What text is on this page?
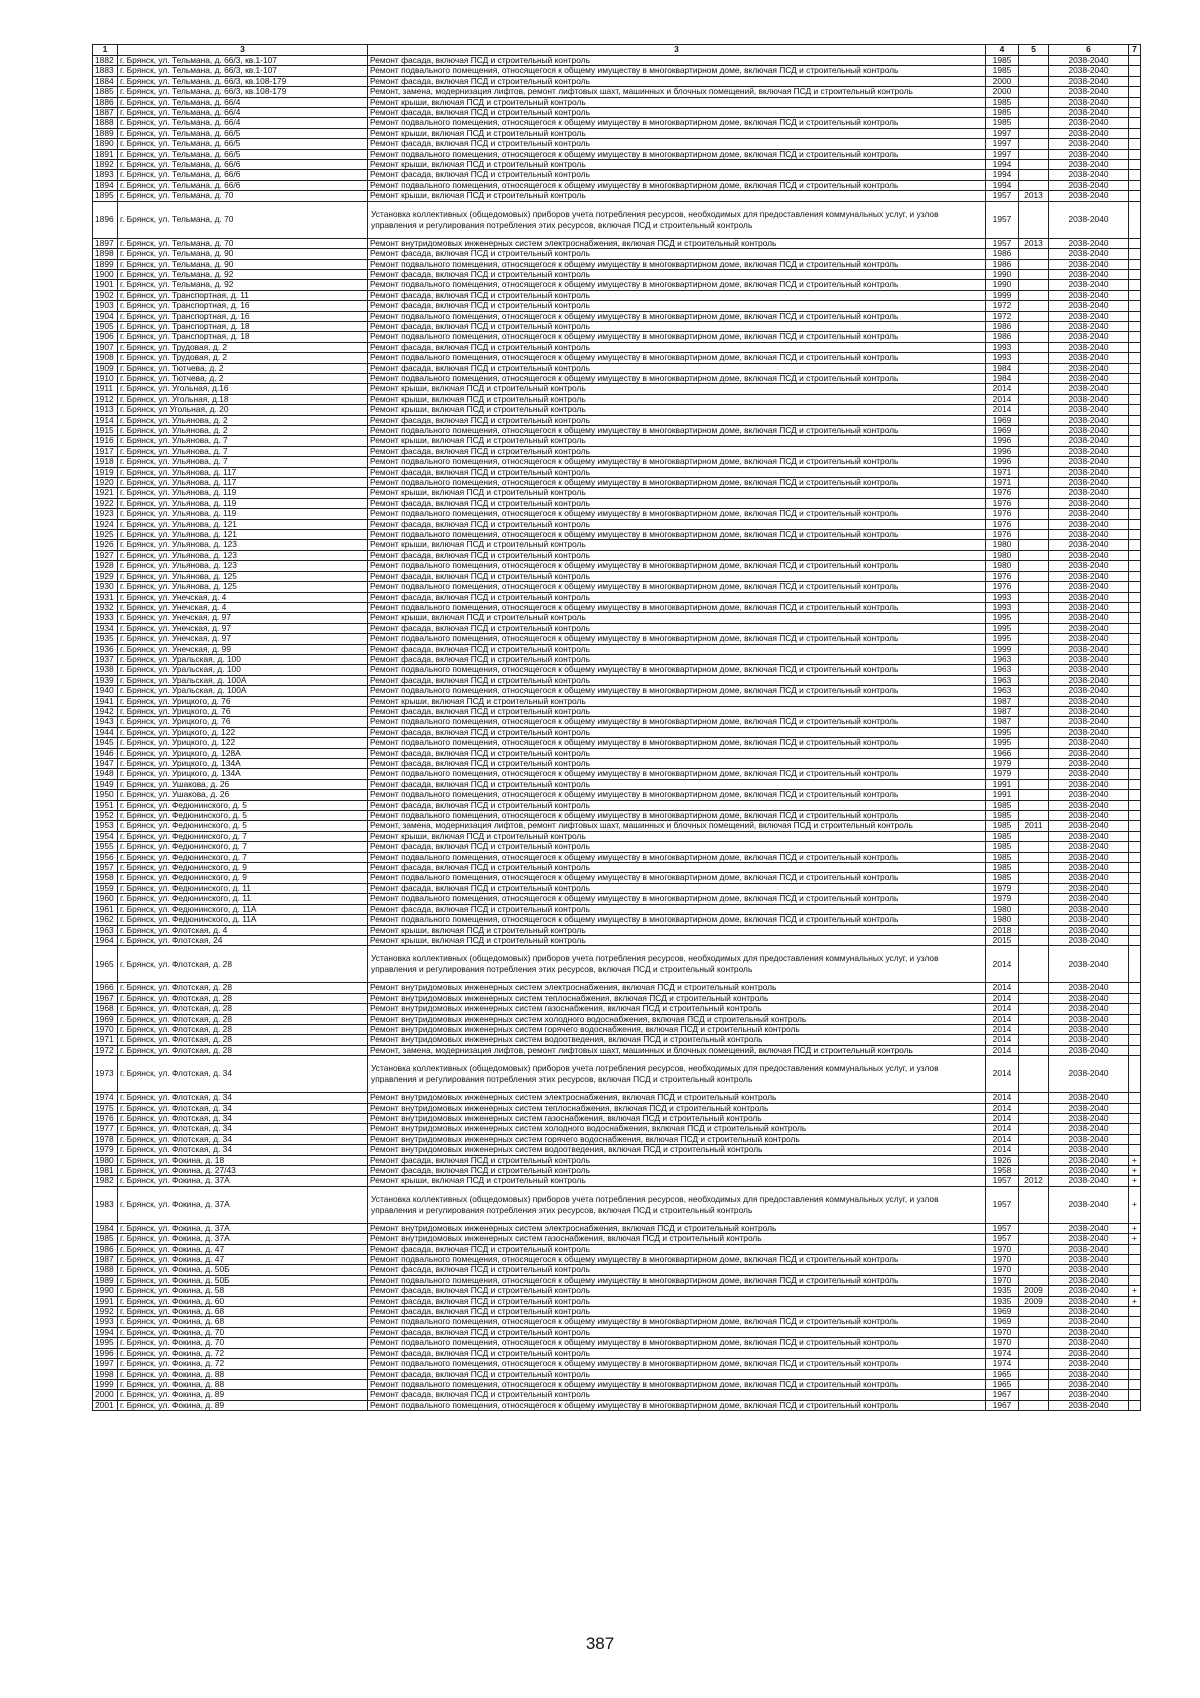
1	3	3	4	5	6	7
1882	г. Брянск, ул. Тельмана, д. 66/3, кв.1-107	Ремонт фасада, включая ПСД и строительный контроль	1985		2038-2040	
1883	г. Брянск, ул. Тельмана, д. 66/3, кв.1-107	Ремонт подвального помещения, относящегося к общему имуществу в многоквартирном доме, включая ПСД и строительный контроль	1985		2038-2040	
1884	г. Брянск, ул. Тельмана, д. 66/3, кв.108-179	Ремонт фасада, включая ПСД и строительный контроль	2000		2038-2040	
1885	г. Брянск, ул. Тельмана, д. 66/3, кв.108-179	Ремонт, замена, модернизация лифтов, ремонт лифтовых шахт, машинных и блочных помещений, включая ПСД и строительный контроль	2000		2038-2040	
1886	г. Брянск, ул. Тельмана, д. 66/4	Ремонт крыши, включая ПСД и строительный контроль	1985		2038-2040	
1887	г. Брянск, ул. Тельмана, д. 66/4	Ремонт фасада, включая ПСД и строительный контроль	1985		2038-2040	
1888	г. Брянск, ул. Тельмана, д. 66/4	Ремонт подвального помещения, относящегося к общему имуществу в многоквартирном доме, включая ПСД и строительный контроль	1985		2038-2040	
1889	г. Брянск, ул. Тельмана, д. 66/5	Ремонт крыши, включая ПСД и строительный контроль	1997		2038-2040	
1890	г. Брянск, ул. Тельмана, д. 66/5	Ремонт фасада, включая ПСД и строительный контроль	1997		2038-2040	
1891	г. Брянск, ул. Тельмана, д. 66/5	Ремонт подвального помещения, относящегося к общему имуществу в многоквартирном доме, включая ПСД и строительный контроль	1997		2038-2040	
1892	г. Брянск, ул. Тельмана, д. 66/6	Ремонт крыши, включая ПСД и строительный контроль	1994		2038-2040	
1893	г. Брянск, ул. Тельмана, д. 66/6	Ремонт фасада, включая ПСД и строительный контроль	1994		2038-2040	
1894	г. Брянск, ул. Тельмана, д. 66/6	Ремонт подвального помещения, относящегося к общему имуществу в многоквартирном доме, включая ПСД и строительный контроль	1994		2038-2040	
1895	г. Брянск, ул. Тельмана, д. 70	Ремонт крыши, включая ПСД и строительный контроль	1957	2013	2038-2040	
1896	г. Брянск, ул. Тельмана, д. 70	Установка коллективных (общедомовых) приборов учета потребления ресурсов, необходимых для предоставления коммунальных услуг, и узлов управления и регулирования потребления этих ресурсов, включая ПСД и строительный контроль	1957		2038-2040	
1897	г. Брянск, ул. Тельмана, д. 70	Ремонт внутридомовых инженерных систем электроснабжения, включая ПСД и строительный контроль	1957	2013	2038-2040	
1898	г. Брянск, ул. Тельмана, д. 90	Ремонт фасада, включая ПСД и строительный контроль	1986		2038-2040	
1899	г. Брянск, ул. Тельмана, д. 90	Ремонт подвального помещения, относящегося к общему имуществу в многоквартирном доме, включая ПСД и строительный контроль	1986		2038-2040	
1900	г. Брянск, ул. Тельмана, д. 92	Ремонт фасада, включая ПСД и строительный контроль	1990		2038-2040	
1901	г. Брянск, ул. Тельмана, д. 92	Ремонт подвального помещения, относящегося к общему имуществу в многоквартирном доме, включая ПСД и строительный контроль	1990		2038-2040	
1902	г. Брянск, ул. Транспортная, д. 11	Ремонт фасада, включая ПСД и строительный контроль	1999		2038-2040	
1903	г. Брянск, ул. Транспортная, д. 16	Ремонт фасада, включая ПСД и строительный контроль	1972		2038-2040	
1904	г. Брянск, ул. Транспортная, д. 16	Ремонт подвального помещения, относящегося к общему имуществу в многоквартирном доме, включая ПСД и строительный контроль	1972		2038-2040	
1905	г. Брянск, ул. Транспортная, д. 18	Ремонт фасада, включая ПСД и строительный контроль	1986		2038-2040	
1906	г. Брянск, ул. Транспортная, д. 18	Ремонт подвального помещения, относящегося к общему имуществу в многоквартирном доме, включая ПСД и строительный контроль	1986		2038-2040	
1907	г. Брянск, ул. Трудовая, д. 2	Ремонт фасада, включая ПСД и строительный контроль	1993		2038-2040	
1908	г. Брянск, ул. Трудовая, д. 2	Ремонт подвального помещения, относящегося к общему имуществу в многоквартирном доме, включая ПСД и строительный контроль	1993		2038-2040	
1909	г. Брянск, ул. Тютчева, д. 2	Ремонт фасада, включая ПСД и строительный контроль	1984		2038-2040	
1910	г. Брянск, ул. Тютчева, д. 2	Ремонт подвального помещения, относящегося к общему имуществу в многоквартирном доме, включая ПСД и строительный контроль	1984		2038-2040	
1911	г. Брянск, ул. Угольная, д.16	Ремонт крыши, включая ПСД и строительный контроль	2014		2038-2040	
1912	г. Брянск, ул. Угольная, д.18	Ремонт крыши, включая ПСД и строительный контроль	2014		2038-2040	
1913	г. Брянск, ул Угольная, д. 20	Ремонт крыши, включая ПСД и строительный контроль	2014		2038-2040	
1914	г. Брянск, ул. Ульянова, д. 2	Ремонт фасада, включая ПСД и строительный контроль	1969		2038-2040	
1915	г. Брянск, ул. Ульянова, д. 2	Ремонт подвального помещения, относящегося к общему имуществу в многоквартирном доме, включая ПСД и строительный контроль	1969		2038-2040	
1916	г. Брянск, ул. Ульянова, д. 7	Ремонт крыши, включая ПСД и строительный контроль	1996		2038-2040	
1917	г. Брянск, ул. Ульянова, д. 7	Ремонт фасада, включая ПСД и строительный контроль	1996		2038-2040	
1918	г. Брянск, ул. Ульянова, д. 7	Ремонт подвального помещения, относящегося к общему имуществу в многоквартирном доме, включая ПСД и строительный контроль	1996		2038-2040	
1919	г. Брянск, ул. Ульянова, д. 117	Ремонт фасада, включая ПСД и строительный контроль	1971		2038-2040	
1920	г. Брянск, ул. Ульянова, д. 117	Ремонт подвального помещения, относящегося к общему имуществу в многоквартирном доме, включая ПСД и строительный контроль	1971		2038-2040	
1921	г. Брянск, ул. Ульянова, д. 119	Ремонт крыши, включая ПСД и строительный контроль	1976		2038-2040	
1922	г. Брянск, ул. Ульянова, д. 119	Ремонт фасада, включая ПСД и строительный контроль	1976		2038-2040	
1923	г. Брянск, ул. Ульянова, д. 119	Ремонт подвального помещения, относящегося к общему имуществу в многоквартирном доме, включая ПСД и строительный контроль	1976		2038-2040	
1924	г. Брянск, ул. Ульянова, д. 121	Ремонт фасада, включая ПСД и строительный контроль	1976		2038-2040	
1925	г. Брянск, ул. Ульянова, д. 121	Ремонт подвального помещения, относящегося к общему имуществу в многоквартирном доме, включая ПСД и строительный контроль	1976		2038-2040	
1926	г. Брянск, ул. Ульянова, д. 123	Ремонт крыши, включая ПСД и строительный контроль	1980		2038-2040	
1927	г. Брянск, ул. Ульянова, д. 123	Ремонт фасада, включая ПСД и строительный контроль	1980		2038-2040	
1928	г. Брянск, ул. Ульянова, д. 123	Ремонт подвального помещения, относящегося к общему имуществу в многоквартирном доме, включая ПСД и строительный контроль	1980		2038-2040	
1929	г. Брянск, ул. Ульянова, д. 125	Ремонт фасада, включая ПСД и строительный контроль	1976		2038-2040	
1930	г. Брянск, ул. Ульянова, д. 125	Ремонт подвального помещения, относящегося к общему имуществу в многоквартирном доме, включая ПСД и строительный контроль	1976		2038-2040	
1931	г. Брянск, ул. Унечская, д. 4	Ремонт фасада, включая ПСД и строительный контроль	1993		2038-2040	
1932	г. Брянск, ул. Унечская, д. 4	Ремонт подвального помещения, относящегося к общему имуществу в многоквартирном доме, включая ПСД и строительный контроль	1993		2038-2040	
1933	г. Брянск, ул. Унечская, д. 97	Ремонт крыши, включая ПСД и строительный контроль	1995		2038-2040	
1934	г. Брянск, ул. Унечская, д. 97	Ремонт фасада, включая ПСД и строительный контроль	1995		2038-2040	
1935	г. Брянск, ул. Унечская, д. 97	Ремонт подвального помещения, относящегося к общему имуществу в многоквартирном доме, включая ПСД и строительный контроль	1995		2038-2040	
1936	г. Брянск, ул. Унечская, д. 99	Ремонт фасада, включая ПСД и строительный контроль	1999		2038-2040	
1937	г. Брянск, ул. Уральская, д. 100	Ремонт фасада, включая ПСД и строительный контроль	1963		2038-2040	
1938	г. Брянск, ул. Уральская, д. 100	Ремонт подвального помещения, относящегося к общему имуществу в многоквартирном доме, включая ПСД и строительный контроль	1963		2038-2040	
1939	г. Брянск, ул. Уральская, д. 100А	Ремонт фасада, включая ПСД и строительный контроль	1963		2038-2040	
1940	г. Брянск, ул. Уральская, д. 100А	Ремонт подвального помещения, относящегося к общему имуществу в многоквартирном доме, включая ПСД и строительный контроль	1963		2038-2040	
1941	г. Брянск, ул. Урицкого, д. 76	Ремонт крыши, включая ПСД и строительный контроль	1987		2038-2040	
1942	г. Брянск, ул. Урицкого, д. 76	Ремонт фасада, включая ПСД и строительный контроль	1987		2038-2040	
1943	г. Брянск, ул. Урицкого, д. 76	Ремонт подвального помещения, относящегося к общему имуществу в многоквартирном доме, включая ПСД и строительный контроль	1987		2038-2040	
1944	г. Брянск, ул. Урицкого, д. 122	Ремонт фасада, включая ПСД и строительный контроль	1995		2038-2040	
1945	г. Брянск, ул. Урицкого, д. 122	Ремонт подвального помещения, относящегося к общему имуществу в многоквартирном доме, включая ПСД и строительный контроль	1995		2038-2040	
1946	г. Брянск, ул. Урицкого, д. 128А	Ремонт фасада, включая ПСД и строительный контроль	1966		2038-2040	
1947	г. Брянск, ул. Урицкого, д. 134А	Ремонт фасада, включая ПСД и строительный контроль	1979		2038-2040	
1948	г. Брянск, ул. Урицкого, д. 134А	Ремонт подвального помещения, относящегося к общему имуществу в многоквартирном доме, включая ПСД и строительный контроль	1979		2038-2040	
1949	г. Брянск, ул. Ушакова, д. 26	Ремонт фасада, включая ПСД и строительный контроль	1991		2038-2040	
1950	г. Брянск, ул. Ушакова, д. 26	Ремонт подвального помещения, относящегося к общему имуществу в многоквартирном доме, включая ПСД и строительный контроль	1991		2038-2040	
1951	г. Брянск, ул. Федюнинского, д. 5	Ремонт фасада, включая ПСД и строительный контроль	1985		2038-2040	
1952	г. Брянск, ул. Федюнинского, д. 5	Ремонт подвального помещения, относящегося к общему имуществу в многоквартирном доме, включая ПСД и строительный контроль	1985		2038-2040	
1953	г. Брянск, ул. Федюнинского, д. 5	Ремонт, замена, модернизация лифтов, ремонт лифтовых шахт, машинных и блочных помещений, включая ПСД и строительный контроль	1985	2011	2038-2040	
1954	г. Брянск, ул. Федюнинского, д. 7	Ремонт крыши, включая ПСД и строительный контроль	1985		2038-2040	
1955	г. Брянск, ул. Федюнинского, д. 7	Ремонт фасада, включая ПСД и строительный контроль	1985		2038-2040	
1956	г. Брянск, ул. Федюнинского, д. 7	Ремонт подвального помещения, относящегося к общему имуществу в многоквартирном доме, включая ПСД и строительный контроль	1985		2038-2040	
1957	г. Брянск, ул. Федюнинского, д. 9	Ремонт фасада, включая ПСД и строительный контроль	1985		2038-2040	
1958	г. Брянск, ул. Федюнинского, д. 9	Ремонт подвального помещения, относящегося к общему имуществу в многоквартирном доме, включая ПСД и строительный контроль	1985		2038-2040	
1959	г. Брянск, ул. Федюнинского, д. 11	Ремонт фасада, включая ПСД и строительный контроль	1979		2038-2040	
1960	г. Брянск, ул. Федюнинского, д. 11	Ремонт подвального помещения, относящегося к общему имуществу в многоквартирном доме, включая ПСД и строительный контроль	1979		2038-2040	
1961	г. Брянск, ул. Федюнинского, д. 11А	Ремонт фасада, включая ПСД и строительный контроль	1980		2038-2040	
1962	г. Брянск, ул. Федюнинского, д. 11А	Ремонт подвального помещения, относящегося к общему имуществу в многоквартирном доме, включая ПСД и строительный контроль	1980		2038-2040	
1963	г. Брянск, ул. Флотская, д. 4	Ремонт крыши, включая ПСД и строительный контроль	2018		2038-2040	
1964	г. Брянск, ул. Флотская, 24	Ремонт крыши, включая ПСД и строительный контроль	2015		2038-2040	
1965	г. Брянск, ул. Флотская, д. 28	Установка коллективных (общедомовых) приборов учета потребления ресурсов, необходимых для предоставления коммунальных услуг, и узлов управления и регулирования потребления этих ресурсов, включая ПСД и строительный контроль	2014		2038-2040	
1966	г. Брянск, ул. Флотская, д. 28	Ремонт внутридомовых инженерных систем электроснабжения, включая ПСД и строительный контроль	2014		2038-2040	
1967	г. Брянск, ул. Флотская, д. 28	Ремонт внутридомовых инженерных систем теплоснабжения, включая ПСД и строительный контроль	2014		2038-2040	
1968	г. Брянск, ул. Флотская, д. 28	Ремонт внутридомовых инженерных систем газоснабжения, включая ПСД и строительный контроль	2014		2038-2040	
1969	г. Брянск, ул. Флотская, д. 28	Ремонт внутридомовых инженерных систем холодного водоснабжения, включая ПСД и строительный контроль	2014		2038-2040	
1970	г. Брянск, ул. Флотская, д. 28	Ремонт внутридомовых инженерных систем горячего водоснабжения, включая ПСД и строительный контроль	2014		2038-2040	
1971	г. Брянск, ул. Флотская, д. 28	Ремонт внутридомовых инженерных систем водоотведения, включая ПСД и строительный контроль	2014		2038-2040	
1972	г. Брянск, ул. Флотская, д. 28	Ремонт, замена, модернизация лифтов, ремонт лифтовых шахт, машинных и блочных помещений, включая ПСД и строительный контроль	2014		2038-2040	
1973	г. Брянск, ул. Флотская, д. 34	Установка коллективных (общедомовых) приборов учета потребления ресурсов, необходимых для предоставления коммунальных услуг, и узлов управления и регулирования потребления этих ресурсов, включая ПСД и строительный контроль	2014		2038-2040	
1974	г. Брянск, ул. Флотская, д. 34	Ремонт внутридомовых инженерных систем электроснабжения, включая ПСД и строительный контроль	2014		2038-2040	
1975	г. Брянск, ул. Флотская, д. 34	Ремонт внутридомовых инженерных систем теплоснабжения, включая ПСД и строительный контроль	2014		2038-2040	
1976	г. Брянск, ул. Флотская, д. 34	Ремонт внутридомовых инженерных систем газоснабжения, включая ПСД и строительный контроль	2014		2038-2040	
1977	г. Брянск, ул. Флотская, д. 34	Ремонт внутридомовых инженерных систем холодного водоснабжения, включая ПСД и строительный контроль	2014		2038-2040	
1978	г. Брянск, ул. Флотская, д. 34	Ремонт внутридомовых инженерных систем горячего водоснабжения, включая ПСД и строительный контроль	2014		2038-2040	
1979	г. Брянск, ул. Флотская, д. 34	Ремонт внутридомовых инженерных систем водоотведения, включая ПСД и строительный контроль	2014		2038-2040	
1980	г. Брянск, ул. Фокина, д. 18	Ремонт фасада, включая ПСД и строительный контроль	1926		2038-2040	+
1981	г. Брянск, ул. Фокина, д. 27/43	Ремонт фасада, включая ПСД и строительный контроль	1958		2038-2040	+
1982	г. Брянск, ул. Фокина, д. 37А	Ремонт крыши, включая ПСД и строительный контроль	1957	2012	2038-2040	+
1983	г. Брянск, ул. Фокина, д. 37А	Установка коллективных (общедомовых) приборов учета потребления ресурсов, необходимых для предоставления коммунальных услуг, и узлов управления и регулирования потребления этих ресурсов, включая ПСД и строительный контроль	1957		2038-2040	+
1984	г. Брянск, ул. Фокина, д. 37А	Ремонт внутридомовых инженерных систем электроснабжения, включая ПСД и строительный контроль	1957		2038-2040	+
1985	г. Брянск, ул. Фокина, д. 37А	Ремонт внутридомовых инженерных систем газоснабжения, включая ПСД и строительный контроль	1957		2038-2040	+
1986	г. Брянск, ул. Фокина, д. 47	Ремонт фасада, включая ПСД и строительный контроль	1970		2038-2040	
1987	г. Брянск, ул. Фокина, д. 47	Ремонт подвального помещения, относящегося к общему имуществу в многоквартирном доме, включая ПСД и строительный контроль	1970		2038-2040	
1988	г. Брянск, ул. Фокина, д. 50Б	Ремонт фасада, включая ПСД и строительный контроль	1970		2038-2040	
1989	г. Брянск, ул. Фокина, д. 50Б	Ремонт подвального помещения, относящегося к общему имуществу в многоквартирном доме, включая ПСД и строительный контроль	1970		2038-2040	
1990	г. Брянск, ул. Фокина, д. 58	Ремонт фасада, включая ПСД и строительный контроль	1935	2009	2038-2040	+
1991	г. Брянск, ул. Фокина, д. 60	Ремонт фасада, включая ПСД и строительный контроль	1935	2009	2038-2040	+
1992	г. Брянск, ул. Фокина, д. 68	Ремонт фасада, включая ПСД и строительный контроль	1969		2038-2040	
1993	г. Брянск, ул. Фокина, д. 68	Ремонт подвального помещения, относящегося к общему имуществу в многоквартирном доме, включая ПСД и строительный контроль	1969		2038-2040	
1994	г. Брянск, ул. Фокина, д. 70	Ремонт фасада, включая ПСД и строительный контроль	1970		2038-2040	
1995	г. Брянск, ул. Фокина, д. 70	Ремонт подвального помещения, относящегося к общему имуществу в многоквартирном доме, включая ПСД и строительный контроль	1970		2038-2040	
1996	г. Брянск, ул. Фокина, д. 72	Ремонт фасада, включая ПСД и строительный контроль	1974		2038-2040	
1997	г. Брянск, ул. Фокина, д. 72	Ремонт подвального помещения, относящегося к общему имуществу в многоквартирном доме, включая ПСД и строительный контроль	1974		2038-2040	
1998	г. Брянск, ул. Фокина, д. 88	Ремонт фасада, включая ПСД и строительный контроль	1965		2038-2040	
1999	г. Брянск, ул. Фокина, д. 88	Ремонт подвального помещения, относящегося к общему имуществу в многоквартирном доме, включая ПСД и строительный контроль	1965		2038-2040	
2000	г. Брянск, ул. Фокина, д. 89	Ремонт фасада, включая ПСД и строительный контроль	1967		2038-2040	
2001	г. Брянск, ул. Фокина, д. 89	Ремонт подвального помещения, относящегося к общему имуществу в многоквартирном доме, включая ПСД и строительный контроль	1967		2038-2040	
387
